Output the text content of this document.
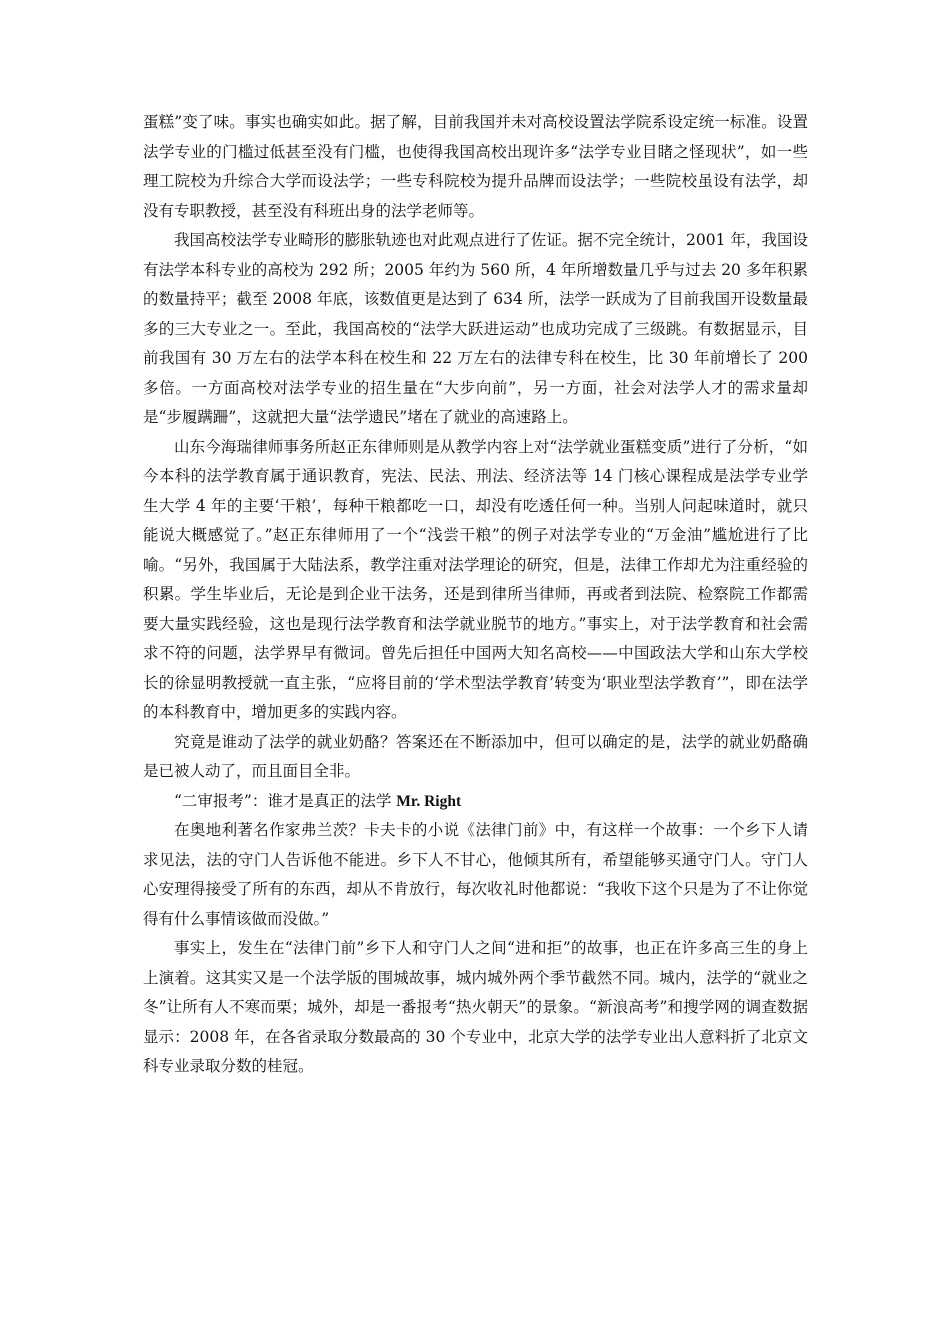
蛋糕”变了味。事实也确实如此。据了解，目前我国并未对高校设置法学院系设定统一标准。设置法学专业的门槛过低甚至没有门槛，也使得我国高校出现许多“法学专业目睹之怪现状”，如一些理工院校为升综合大学而设法学；一些专科院校为提升品牌而设法学；一些院校虽设有法学，却没有专职教授，甚至没有科班出身的法学老师等。

我国高校法学专业畸形的膨胀轨迹也对此观点进行了佐证。据不完全统计，2001 年，我国设有法学本科专业的高校为 292 所；2005 年约为 560 所，4 年所增数量几乎与过去 20 多年积累的数量持平；截至 2008 年底，该数值更是达到了 634 所，法学一跃成为了目前我国开设数量最多的三大专业之一。至此，我国高校的“法学大跃进运动”也成功完成了三级跳。有数据显示，目前我国有 30 万左右的法学本科在校生和 22 万左右的法律专科在校生，比 30 年前增长了 200 多倍。一方面高校对法学专业的招生量在“大步向前”，另一方面，社会对法学人才的需求量却是“步履蹒跚”，这就把大量“法学遗民”堵在了就业的高速路上。

山东今海瑞律师事务所赵正东律师则是从教学内容上对“法学就业蛋糕变质”进行了分析，“如今本科的法学教育属于通识教育，宪法、民法、刑法、经济法等 14 门核心课程成是法学专业学生大学 4 年的主要‘干粮’，每种干粮都吃一口，却没有吃透任何一种。当别人问起味道时，就只能说大概感觉了。”赵正东律师用了一个“浅尝干粮”的例子对法学专业的“万金油”尴尬进行了比喻。“另外，我国属于大陆法系，教学注重对法学理论的研究，但是，法律工作却尤为注重经验的积累。学生毕业后，无论是到企业干法务，还是到律所当律师，再或者到法院、检察院工作都需要大量实践经验，这也是现行法学教育和法学就业脱节的地方。”事实上，对于法学教育和社会需求不符的问题，法学界早有微词。曾先后担任中国两大知名高校——中国政法大学和山东大学校长的徐显明教授就一直主张，“应将目前的‘学术型法学教育’转变为‘职业型法学教育’”，即在法学的本科教育中，增加更多的实践内容。

究竟是谁动了法学的就业奶酪？答案还在不断添加中，但可以确定的是，法学的就业奶酪确是已被人动了，而且面目全非。

“二审报考”：谁才是真正的法学 Mr. Right

在奥地利著名作家弗兰茨？卡夫卡的小说《法律门前》中，有这样一个故事：一个乡下人请求见法，法的守门人告诉他不能进。乡下人不甘心，他倾其所有，希望能够买通守门人。守门人心安理得接受了所有的东西，却从不肯放行，每次收礼时他都说：“我收下这个只是为了不让你觉得有什么事情该做而没做。”

事实上，发生在“法律门前”乡下人和守门人之间“进和拒”的故事，也正在许多高三生的身上上演着。这其实又是一个法学版的围城故事，城内城外两个季节截然不同。城内，法学的“就业之冬”让所有人不寒而栗；城外，却是一番报考“热火朝天”的景象。“新浪高考”和搜学网的调查数据显示：2008 年，在各省录取分数最高的 30 个专业中，北京大学的法学专业出人意料折了北京文科专业录取分数的桂冠。
